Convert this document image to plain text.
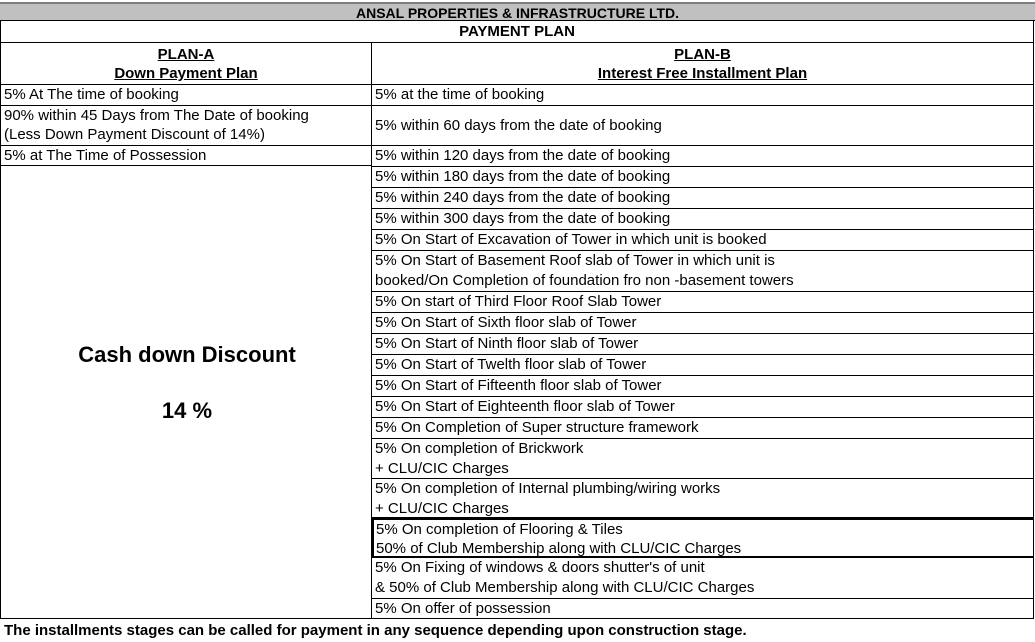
ANSAL PROPERTIES & INFRASTRUCTURE LTD.
PAYMENT PLAN
PLAN-A
Down Payment Plan
PLAN-B
Interest Free Installment Plan
5% At The time of booking
90% within 45 Days from The Date of booking
(Less Down Payment Discount of 14%)
5% at The Time of Possession
Cash down Discount
14 %
5% at the time of booking
5% within 60 days from the date of booking
5% within 120 days from the date of booking
5% within 180 days from the date of booking
5% within 240 days from the date of booking
5% within 300 days from the date of booking
5% On Start of Excavation of Tower in which unit is booked
5% On Start of Basement Roof slab of Tower in which unit is
booked/On Completion of foundation fro non -basement towers
5% On start of Third Floor Roof Slab Tower
5% On Start of Sixth floor slab of Tower
5% On Start of Ninth floor slab of Tower
5% On Start of Twelth floor slab of Tower
5% On Start of Fifteenth floor slab of Tower
5% On Start of Eighteenth floor slab of Tower
5% On Completion of Super structure framework
5% On completion of Brickwork
+ CLU/CIC Charges
5% On completion of Internal plumbing/wiring works
+ CLU/CIC Charges
5% On completion of Flooring & Tiles
50% of Club Membership along with CLU/CIC Charges
5% On Fixing of windows & doors shutter's of unit
& 50% of Club Membership along with CLU/CIC Charges
5% On offer of possession
The installments stages can be called for payment in any sequence depending upon construction stage.
